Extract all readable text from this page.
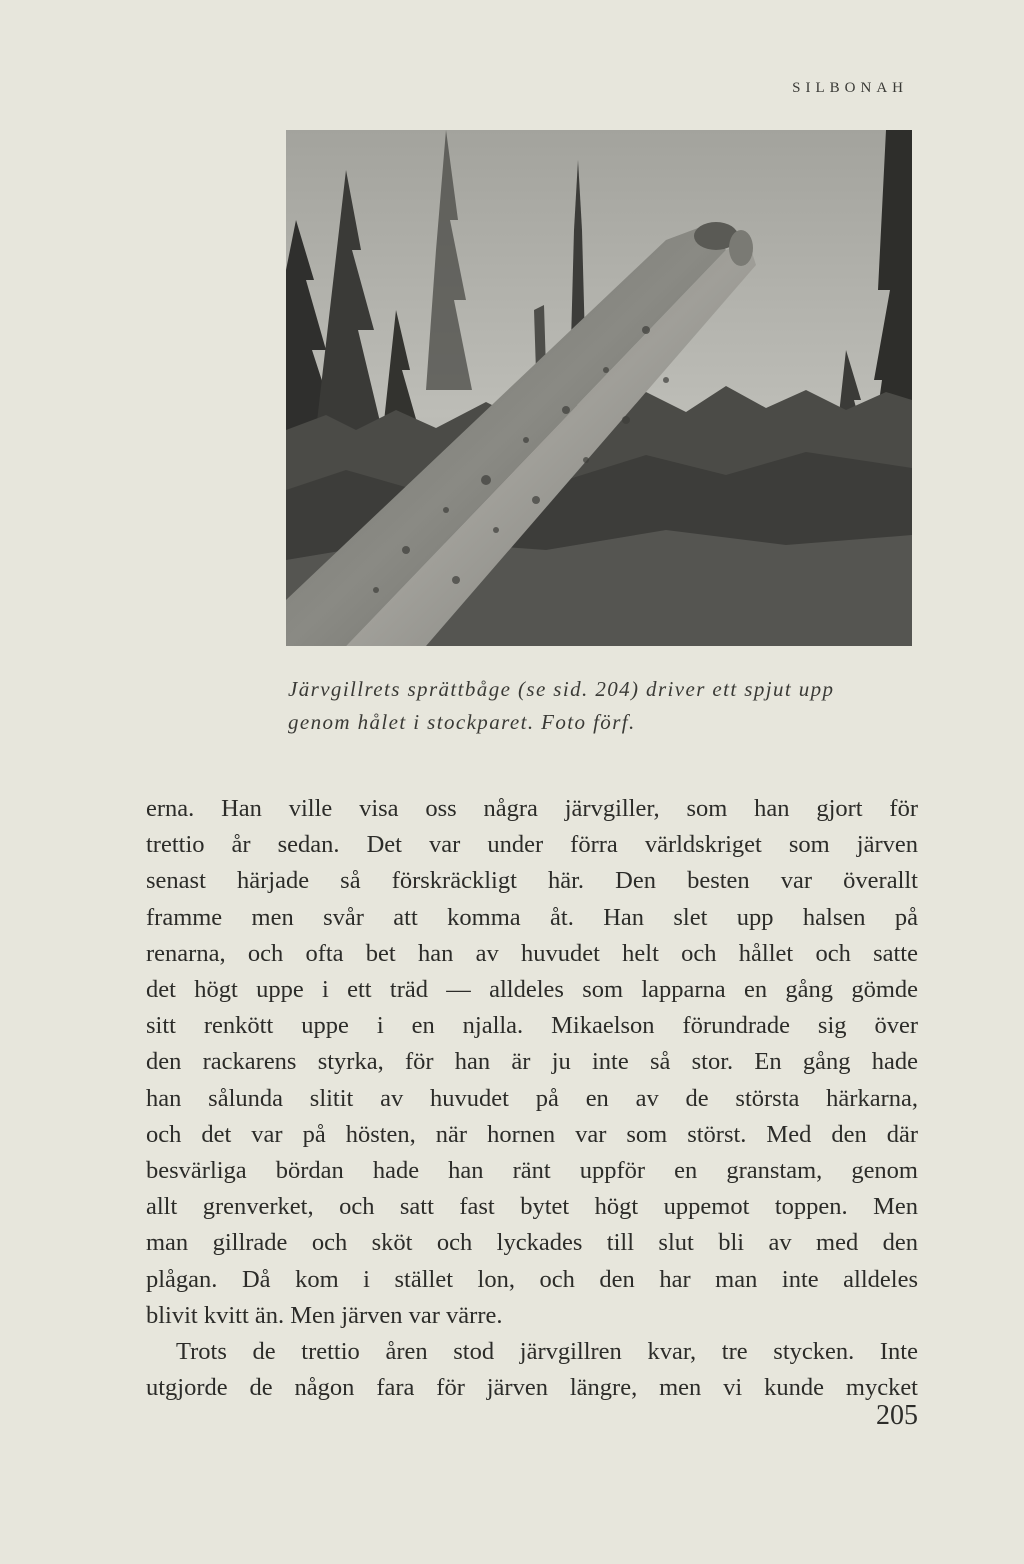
SILBONAH
Järvgillrets sprättbåge (se sid. 204) driver ett spjut upp
genom hålet i stockparet. Foto förf.
erna. Han ville visa oss några järvgiller, som han gjort för
trettio år sedan. Det var under förra världskriget som järven
senast härjade så förskräckligt här. Den besten var överallt
framme men svår att komma åt. Han slet upp halsen på
renarna, och ofta bet han av huvudet helt och hållet och satte
det högt uppe i ett träd — alldeles som lapparna en gång gömde
sitt renkött uppe i en njalla. Mikaelson förundrade sig över
den rackarens styrka, för han är ju inte så stor. En gång hade
han sålunda slitit av huvudet på en av de största härkarna,
och det var på hösten, när hornen var som störst. Med den där
besvärliga bördan hade han ränt uppför en granstam, genom
allt grenverket, och satt fast bytet högt uppemot toppen. Men
man gillrade och sköt och lyckades till slut bli av med den
plågan. Då kom i stället lon, och den har man inte alldeles
blivit kvitt än. Men järven var värre.
Trots de trettio åren stod järvgillren kvar, tre stycken. Inte
utgjorde de någon fara för järven längre, men vi kunde mycket
205
